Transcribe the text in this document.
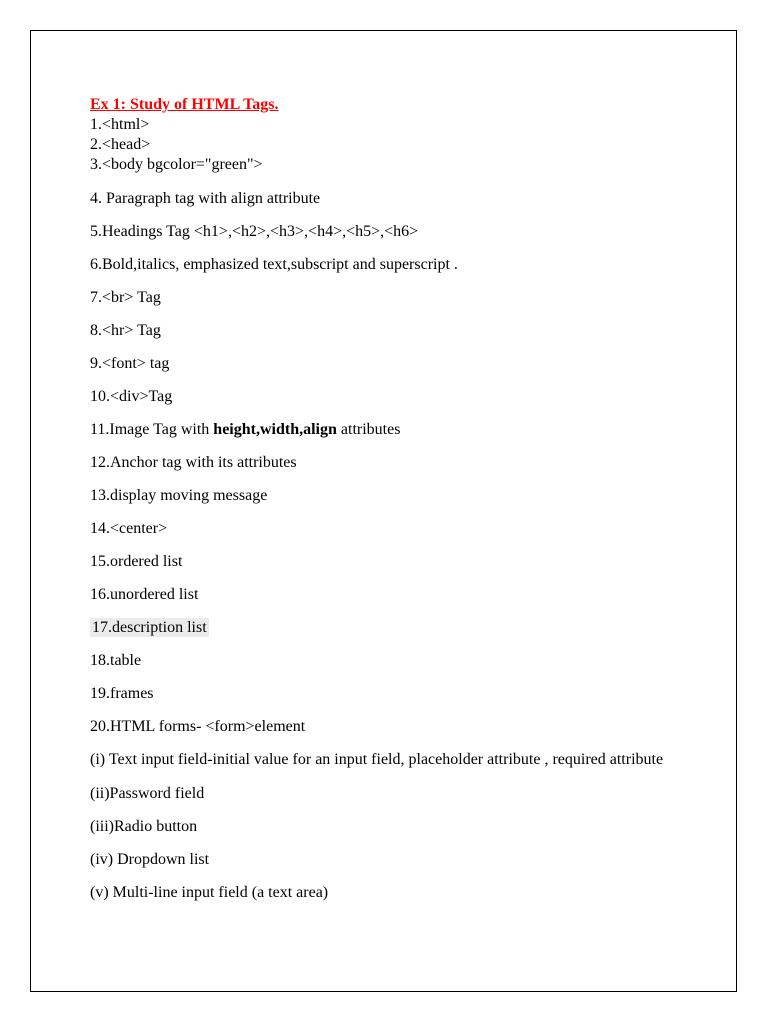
Ex 1: Study of HTML Tags.

1.<html>

2.<head>

3.<body bgcolor="green">

4. Paragraph tag with align attribute

5.Headings Tag <h1>,<h2>,<h3>,<h4>,<h5>,<h6>

6.Bold,italics, emphasized text,subscript and superscript .

7.<br> Tag

8.<hr> Tag

9.<font> tag

10.<div>Tag

11.Image Tag with height,width,align attributes

12.Anchor tag with its attributes

13.display moving message

14.<center>

15.ordered list

16.unordered list

17.description list

18.table

19.frames

20.HTML forms- <form>element

(i) Text input field-initial value for an input field, placeholder attribute , required attribute

(ii)Password field

(iii)Radio button

(iv) Dropdown list

(v) Multi-line input field (a text area)
